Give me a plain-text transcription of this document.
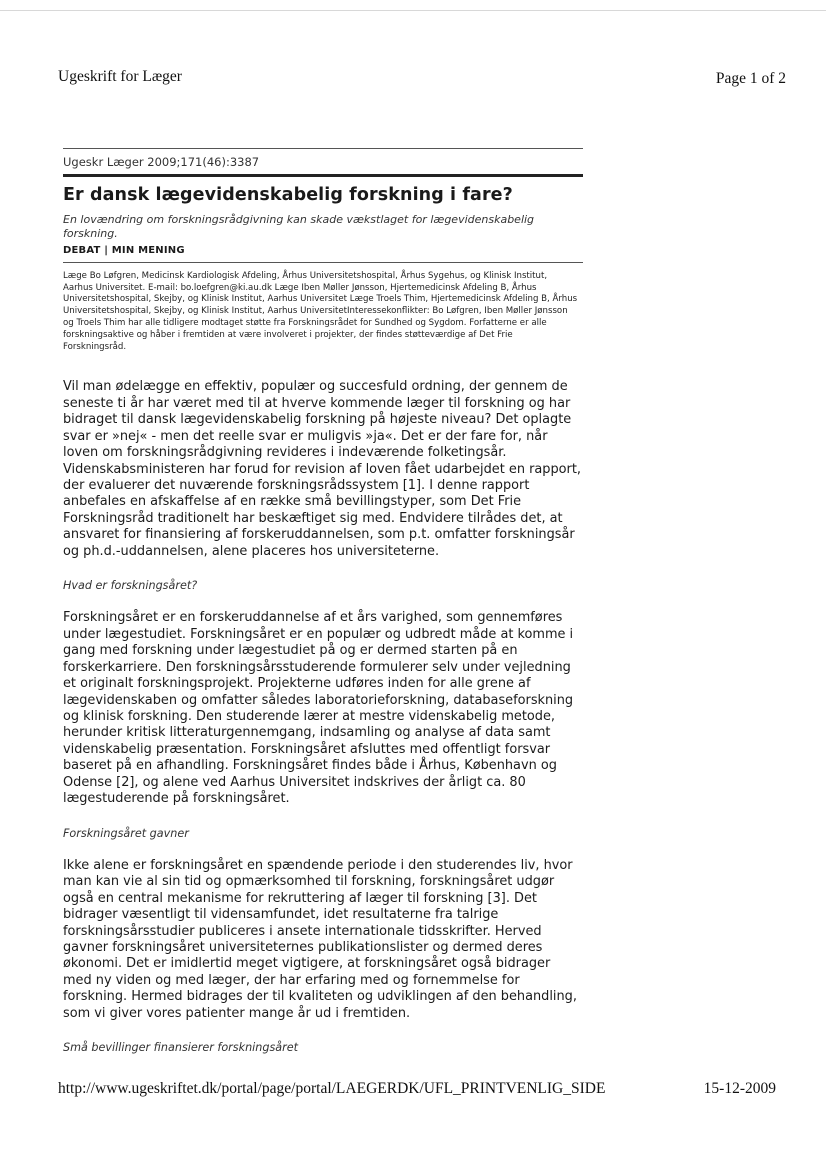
Ugeskrift for Læger	Page 1 of 2
Ugeskr Læger 2009;171(46):3387
Er dansk lægevidenskabelig forskning i fare?
En lovændring om forskningsrådgivning kan skade vækstlaget for lægevidenskabelig forskning.
DEBAT | MIN MENING
Læge Bo Løfgren, Medicinsk Kardiologisk Afdeling, Århus Universitetshospital, Århus Sygehus, og Klinisk Institut, Aarhus Universitet. E-mail: bo.loefgren@ki.au.dk Læge Iben Møller Jønsson, Hjertemedicinsk Afdeling B, Århus Universitetshospital, Skejby, og Klinisk Institut, Aarhus Universitet Læge Troels Thim, Hjertemedicinsk Afdeling B, Århus Universitetshospital, Skejby, og Klinisk Institut, Aarhus UniversitetInteressekonflikter: Bo Løfgren, Iben Møller Jønsson og Troels Thim har alle tidligere modtaget støtte fra Forskningsrådet for Sundhed og Sygdom. Forfatterne er alle forskningsaktive og håber i fremtiden at være involveret i projekter, der findes støtteværdige af Det Frie Forskningsråd.

Vil man ødelægge en effektiv, populær og succesfuld ordning, der gennem de seneste ti år har været med til at hverve kommende læger til forskning og har bidraget til dansk lægevidenskabelig forskning på højeste niveau? Det oplagte svar er »nej« - men det reelle svar er muligvis »ja«. Det er der fare for, når loven om forskningsrådgivning revideres i indeværende folketingsår. Videnskabsministeren har forud for revision af loven fået udarbejdet en rapport, der evaluerer det nuværende forskningsrådssystem [1]. I denne rapport anbefales en afskaffelse af en række små bevillingstyper, som Det Frie Forskningsråd traditionelt har beskæftiget sig med. Endvidere tilrådes det, at ansvaret for finansiering af forskeruddannelsen, som p.t. omfatter forskningsår og ph.d.-uddannelsen, alene placeres hos universiteterne.

Hvad er forskningsåret?

Forskningsåret er en forskeruddannelse af et års varighed, som gennemføres under lægestudiet. Forskningsåret er en populær og udbredt måde at komme i gang med forskning under lægestudiet på og er dermed starten på en forskerkarriere. Den forskningsårsstuderende formulerer selv under vejledning et originalt forskningsprojekt. Projekterne udføres inden for alle grene af lægevidenskaben og omfatter således laboratorieforskning, databaseforskning og klinisk forskning. Den studerende lærer at mestre videnskabelig metode, herunder kritisk litteraturgennemgang, indsamling og analyse af data samt videnskabelig præsentation. Forskningsåret afsluttes med offentligt forsvar baseret på en afhandling. Forskningsåret findes både i Århus, København og Odense [2], og alene ved Aarhus Universitet indskrives der årligt ca. 80 lægestuderende på forskningsåret.

Forskningsåret gavner

Ikke alene er forskningsåret en spændende periode i den studerendes liv, hvor man kan vie al sin tid og opmærksomhed til forskning, forskningsåret udgør også en central mekanisme for rekruttering af læger til forskning [3]. Det bidrager væsentligt til vidensamfundet, idet resultaterne fra talrige forskningsårsstudier publiceres i ansete internationale tidsskrifter. Herved gavner forskningsåret universiteternes publikationslister og dermed deres økonomi. Det er imidlertid meget vigtigere, at forskningsåret også bidrager med ny viden og med læger, der har erfaring med og fornemmelse for forskning. Hermed bidrages der til kvaliteten og udviklingen af den behandling, som vi giver vores patienter mange år ud i fremtiden.

Små bevillinger finansierer forskningsåret
http://www.ugeskriftet.dk/portal/page/portal/LAEGERDK/UFL_PRINTVENLIG_SIDE	15-12-2009
